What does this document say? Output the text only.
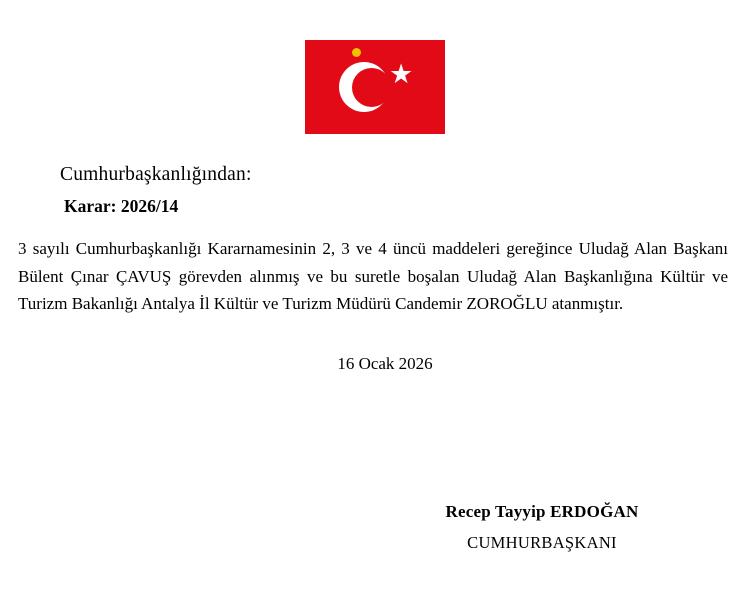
Cumhurbaşkanlığından:
Karar: 2026/14
3 sayılı Cumhurbaşkanlığı Kararnamesinin 2, 3 ve 4 üncü maddeleri gereğince Uludağ Alan Başkanı Bülent Çınar ÇAVUŞ görevden alınmış ve bu suretle boşalan Uludağ Alan Başkanlığına Kültür ve Turizm Bakanlığı Antalya İl Kültür ve Turizm Müdürü Candemir ZOROĞLU atanmıştır.
16 Ocak 2026
Recep Tayyip ERDOĞAN
CUMHURBAŞKANI
